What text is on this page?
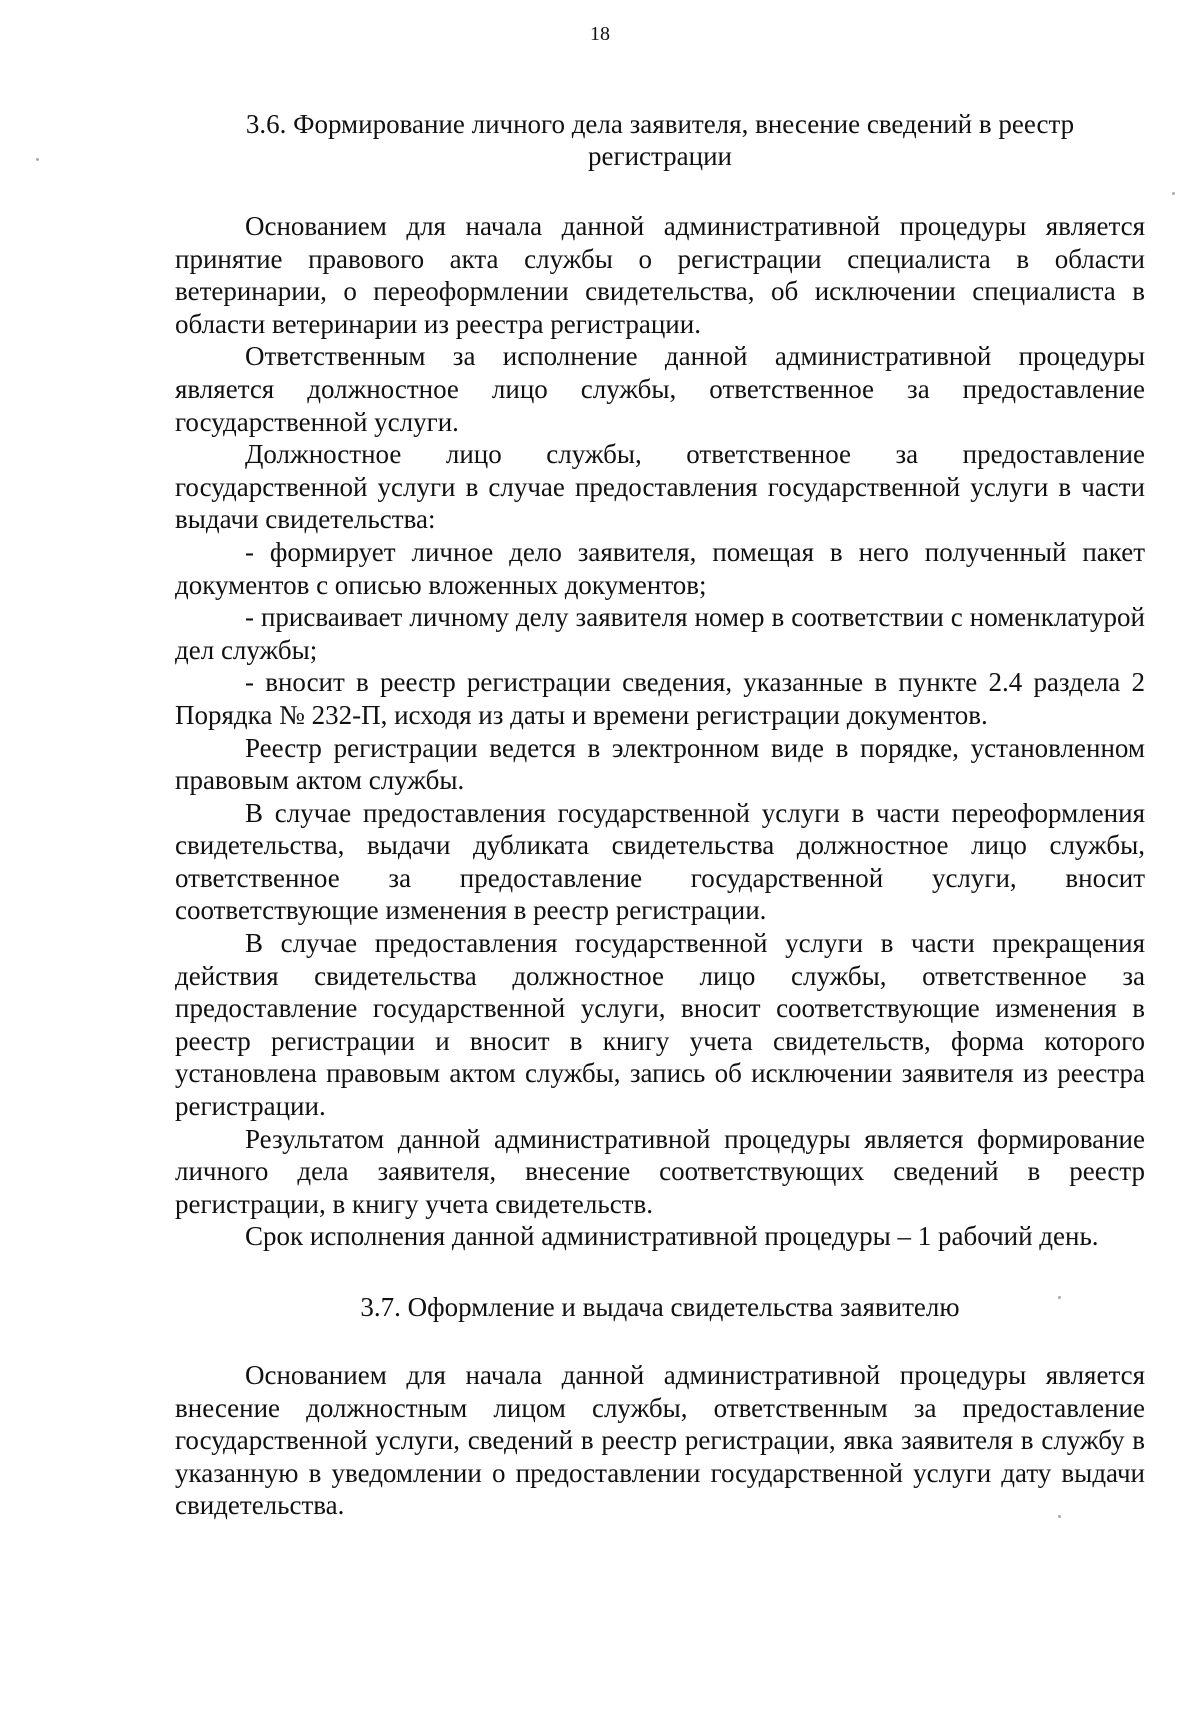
18

3.6. Формирование личного дела заявителя, внесение сведений в реестр регистрации

Основанием для начала данной административной процедуры является принятие правового акта службы о регистрации специалиста в области ветеринарии, о переоформлении свидетельства, об исключении специалиста в области ветеринарии из реестра регистрации.

Ответственным за исполнение данной административной процедуры является должностное лицо службы, ответственное за предоставление государственной услуги.

Должностное лицо службы, ответственное за предоставление государственной услуги в случае предоставления государственной услуги в части выдачи свидетельства:

- формирует личное дело заявителя, помещая в него полученный пакет документов с описью вложенных документов;

- присваивает личному делу заявителя номер в соответствии с номенклатурой дел службы;

- вносит в реестр регистрации сведения, указанные в пункте 2.4 раздела 2 Порядка № 232-П, исходя из даты и времени регистрации документов.

Реестр регистрации ведется в электронном виде в порядке, установленном правовым актом службы.

В случае предоставления государственной услуги в части переоформления свидетельства, выдачи дубликата свидетельства должностное лицо службы, ответственное за предоставление государственной услуги, вносит соответствующие изменения в реестр регистрации.

В случае предоставления государственной услуги в части прекращения действия свидетельства должностное лицо службы, ответственное за предоставление государственной услуги, вносит соответствующие изменения в реестр регистрации и вносит в книгу учета свидетельств, форма которого установлена правовым актом службы, запись об исключении заявителя из реестра регистрации.

Результатом данной административной процедуры является формирование личного дела заявителя, внесение соответствующих сведений в реестр регистрации, в книгу учета свидетельств.

Срок исполнения данной административной процедуры – 1 рабочий день.

3.7. Оформление и выдача свидетельства заявителю

Основанием для начала данной административной процедуры является внесение должностным лицом службы, ответственным за предоставление государственной услуги, сведений в реестр регистрации, явка заявителя в службу в указанную в уведомлении о предоставлении государственной услуги дату выдачи свидетельства.
